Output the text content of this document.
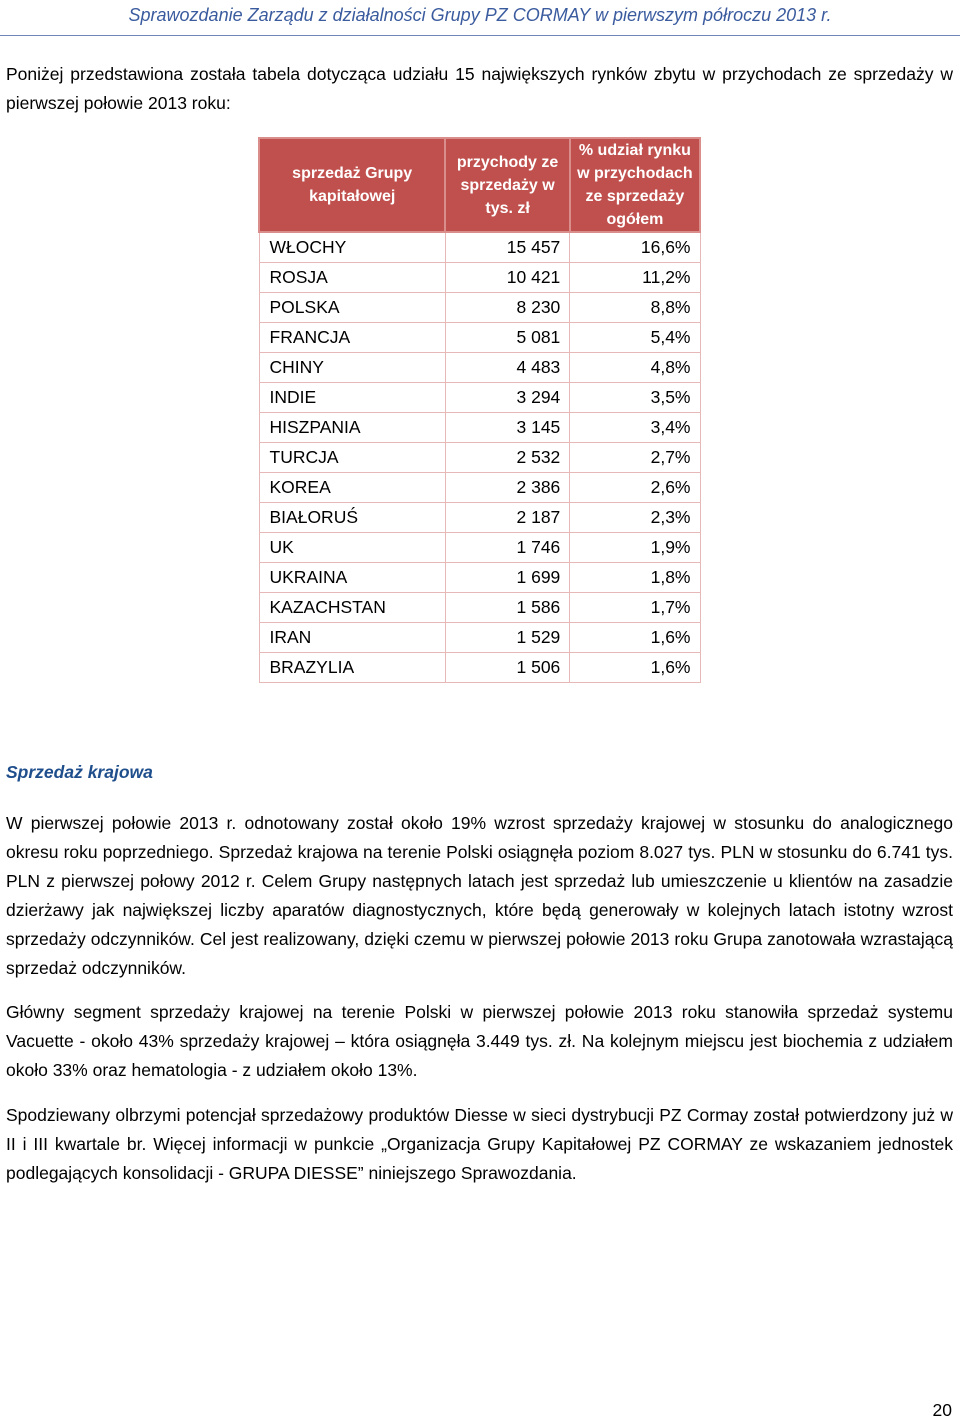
Sprawozdanie Zarządu z działalności Grupy PZ CORMAY w pierwszym półroczu 2013 r.
Poniżej przedstawiona została tabela dotycząca udziału 15 największych rynków zbytu w przychodach ze sprzedaży w pierwszej połowie 2013 roku:
sprzedaż Grupy kapitałowej	przychody ze sprzedaży w tys. zł	% udział rynku w przychodach ze sprzedaży ogółem

WŁOCHY	15 457	16,6%
ROSJA	10 421	11,2%
POLSKA	8 230	8,8%
FRANCJA	5 081	5,4%
CHINY	4 483	4,8%
INDIE	3 294	3,5%
HISZPANIA	3 145	3,4%
TURCJA	2 532	2,7%
KOREA	2 386	2,6%
BIAŁORUŚ	2 187	2,3%
UK	1 746	1,9%
UKRAINA	1 699	1,8%
KAZACHSTAN	1 586	1,7%
IRAN	1 529	1,6%
BRAZYLIA	1 506	1,6%
Sprzedaż krajowa
W pierwszej połowie 2013 r. odnotowany został około 19% wzrost sprzedaży krajowej w stosunku do analogicznego okresu roku poprzedniego. Sprzedaż krajowa na terenie Polski osiągnęła poziom 8.027 tys. PLN w stosunku do 6.741 tys. PLN z pierwszej połowy 2012 r. Celem Grupy następnych latach jest sprzedaż lub umieszczenie u klientów na zasadzie dzierżawy jak największej liczby aparatów diagnostycznych, które będą generowały w kolejnych latach istotny wzrost sprzedaży odczynników. Cel jest realizowany, dzięki czemu w pierwszej połowie 2013 roku Grupa zanotowała wzrastającą sprzedaż odczynników.
Główny segment sprzedaży krajowej na terenie Polski w pierwszej połowie 2013 roku stanowiła sprzedaż systemu Vacuette - około 43% sprzedaży krajowej – która osiągnęła 3.449 tys. zł. Na kolejnym miejscu jest biochemia z udziałem około 33% oraz hematologia - z udziałem około 13%.
Spodziewany olbrzymi potencjał sprzedażowy produktów Diesse w sieci dystrybucji PZ Cormay został potwierdzony już w II i III kwartale br. Więcej informacji w punkcie „Organizacja Grupy Kapitałowej PZ CORMAY ze wskazaniem jednostek podlegających konsolidacji - GRUPA DIESSE” niniejszego Sprawozdania.
20
